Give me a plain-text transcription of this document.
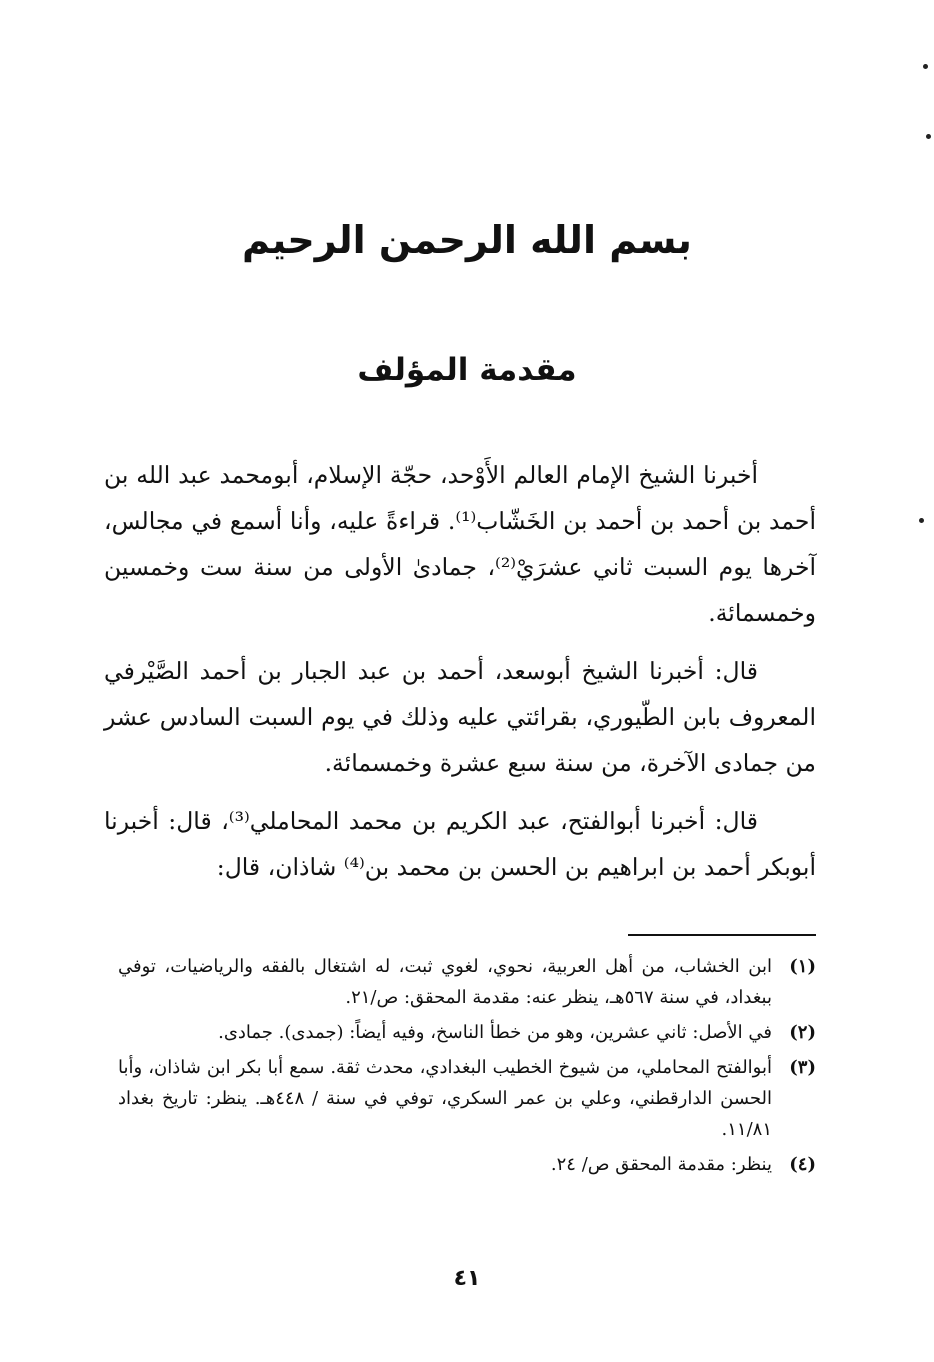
بسم الله الرحمن الرحيم
مقدمة المؤلف

أخبرنا الشيخ الإمام العالم الأَوْحد، حجّة الإسلام، أبومحمد عبد الله بن أحمد بن أحمد بن أحمد بن الخَشّاب⁽¹⁾. قراءةً عليه، وأنا أسمع في مجالس، آخرها يوم السبت ثاني عشرَيْ⁽²⁾، جمادىٰ الأولى من سنة ست وخمسين وخمسمائة.

قال: أخبرنا الشيخ أبوسعد، أحمد بن عبد الجبار بن أحمد الصَّيْرفي المعروف بابن الطّيوري، بقرائتي عليه وذلك في يوم السبت السادس عشر من جمادى الآخرة، من سنة سبع عشرة وخمسمائة.

قال: أخبرنا أبوالفتح، عبد الكريم بن محمد المحاملي⁽³⁾، قال: أخبرنا أبوبكر أحمد بن ابراهيم بن الحسن بن محمد بن⁽⁴⁾ شاذان، قال:

(١)
ابن الخشاب، من أهل العربية، نحوي، لغوي ثبت، له اشتغال بالفقه والرياضيات، توفي ببغداد، في سنة ٥٦٧هـ، ينظر عنه: مقدمة المحقق: ص/٢١.
(٢)
في الأصل: ثاني عشرين، وهو من خطأ الناسخ، وفيه أيضاً: (جمدى). جمادى.
(٣)
أبوالفتح المحاملي، من شيوخ الخطيب البغدادي، محدث ثقة. سمع أبا بكر ابن شاذان، وأبا الحسن الدارقطني، وعلي بن عمر السكري، توفي في سنة / ٤٤٨هـ. ينظر: تاريخ بغداد ١١/٨١.
(٤)
ينظر: مقدمة المحقق ص/ ٢٤.
٤١
